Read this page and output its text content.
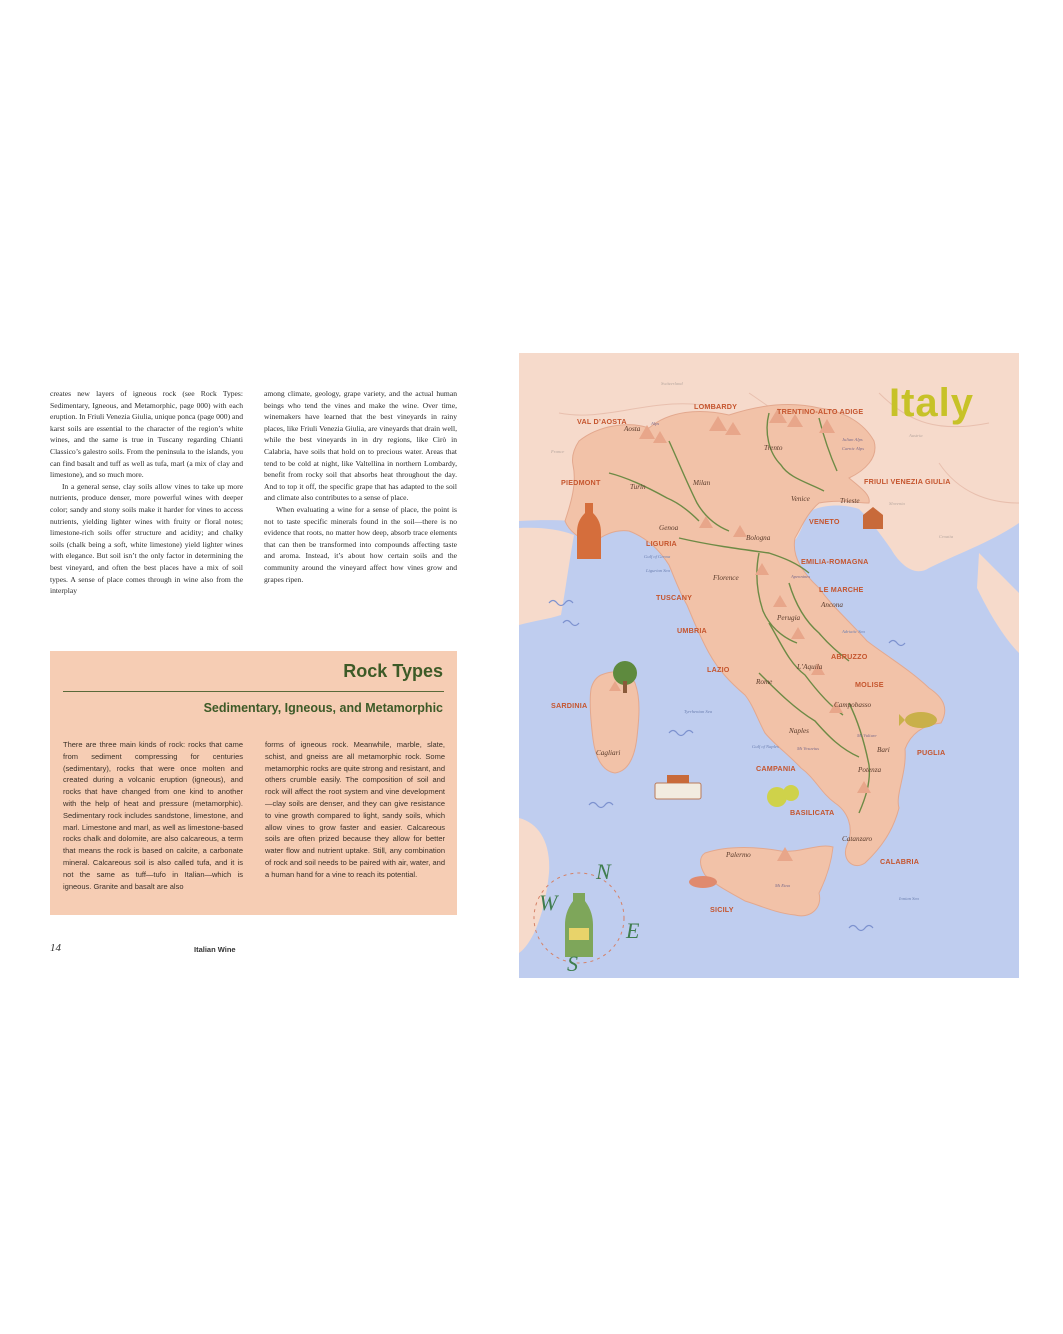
creates new layers of igneous rock (see Rock Types: Sedimentary, Igneous, and Metamorphic, page 000) with each eruption. In Friuli Venezia Giulia, unique ponca (page 000) and karst soils are essential to the character of the region’s white wines, and the same is true in Tuscany regarding Chianti Classico’s galestro soils. From the peninsula to the islands, you can find basalt and tuff as well as tufa, marl (a mix of clay and limestone), and so much more.

In a general sense, clay soils allow vines to take up more nutrients, produce denser, more powerful wines with deeper color; sandy and stony soils make it harder for vines to access nutrients, yielding lighter wines with fruity or floral notes; limestone-rich soils offer structure and acidity; and chalky soils (chalk being a soft, white limestone) yield lighter wines with elegance. But soil isn’t the only factor in determining the best vineyard, and often the best places have a mix of soil types. A sense of place comes through in wine also from the interplay

among climate, geology, grape variety, and the actual human beings who tend the vines and make the wine. Over time, winemakers have learned that the best vineyards in rainy places, like Friuli Venezia Giulia, are vineyards that drain well, while the best vineyards in in dry regions, like Cirò in Calabria, have soils that hold on to precious water. Areas that tend to be cold at night, like Valtellina in northern Lombardy, benefit from rocky soil that absorbs heat throughout the day. And to top it off, the specific grape that has adapted to the soil and climate also contributes to a sense of place.

When evaluating a wine for a sense of place, the point is not to taste specific minerals found in the soil—there is no evidence that roots, no matter how deep, absorb trace elements that can then be transformed into compounds affecting taste and aroma. Instead, it’s about how certain soils and the community around the vineyard affect how vines grow and grapes ripen.

Rock Types
Sedimentary, Igneous, and Metamorphic

There are three main kinds of rock: rocks that came from sediment compressing for centuries (sedimentary), rocks that were once molten and created during a volcanic eruption (igneous), and rocks that have changed from one kind to another with the help of heat and pressure (metamorphic). Sedimentary rock includes sandstone, limestone, and marl. Limestone and marl, as well as limestone-based rocks chalk and dolomite, are also calcareous, a term that means the rock is based on calcite, a carbonate mineral. Calcareous soil is also called tufa, and it is not the same as tuff—tufo in Italian—which is igneous. Granite and basalt are also

forms of igneous rock. Meanwhile, marble, slate, schist, and gneiss are all metamorphic rock. Some metamorphic rocks are quite strong and resistant, and others crumble easily. The composition of soil and rock will affect the root system and vine development—clay soils are denser, and they can give resistance to vine growth compared to light, sandy soils, which allow vines to grow faster and easier. Calcareous soils are often prized because they allow for better water flow and nutrient uptake. Still, any combination of rock and soil needs to be paired with air, water, and a human hand for a vine to reach its potential.

14	Italian Wine
Italy
Switzerland
Austria
Slovenia
Croatia
France
VAL D’AOSTA
LOMBARDY
TRENTINO-ALTO ADIGE
PIEDMONT	FRIULI VENEZIA GIULIA
VENETO
LIGURIA
EMILIA-ROMAGNA
LE MARCHE
TUSCANY
UMBRIA
ABRUZZO
LAZIO
MOLISE
SARDINIA
PUGLIA
CAMPANIA
BASILICATA
CALABRIA
SICILY
Aosta
Trento
Turin	Milan
Venice	Trieste
Genoa
Bologna
Florence
Ancona
Perugia
L’Aquila
Rome
Campobasso
Cagliari
Naples
Bari
Potenza
Catanzaro
Palermo
Alps
Julian Alps
Carnic Alps
Apennines
Mt Vulture
Mt Vesuvius
Mt Etna
Gulf of Genoa
Ligurian Sea
Adriatic Sea
Tyrrhenian Sea
Gulf of Naples
Ionian Sea
N
W
E
S
